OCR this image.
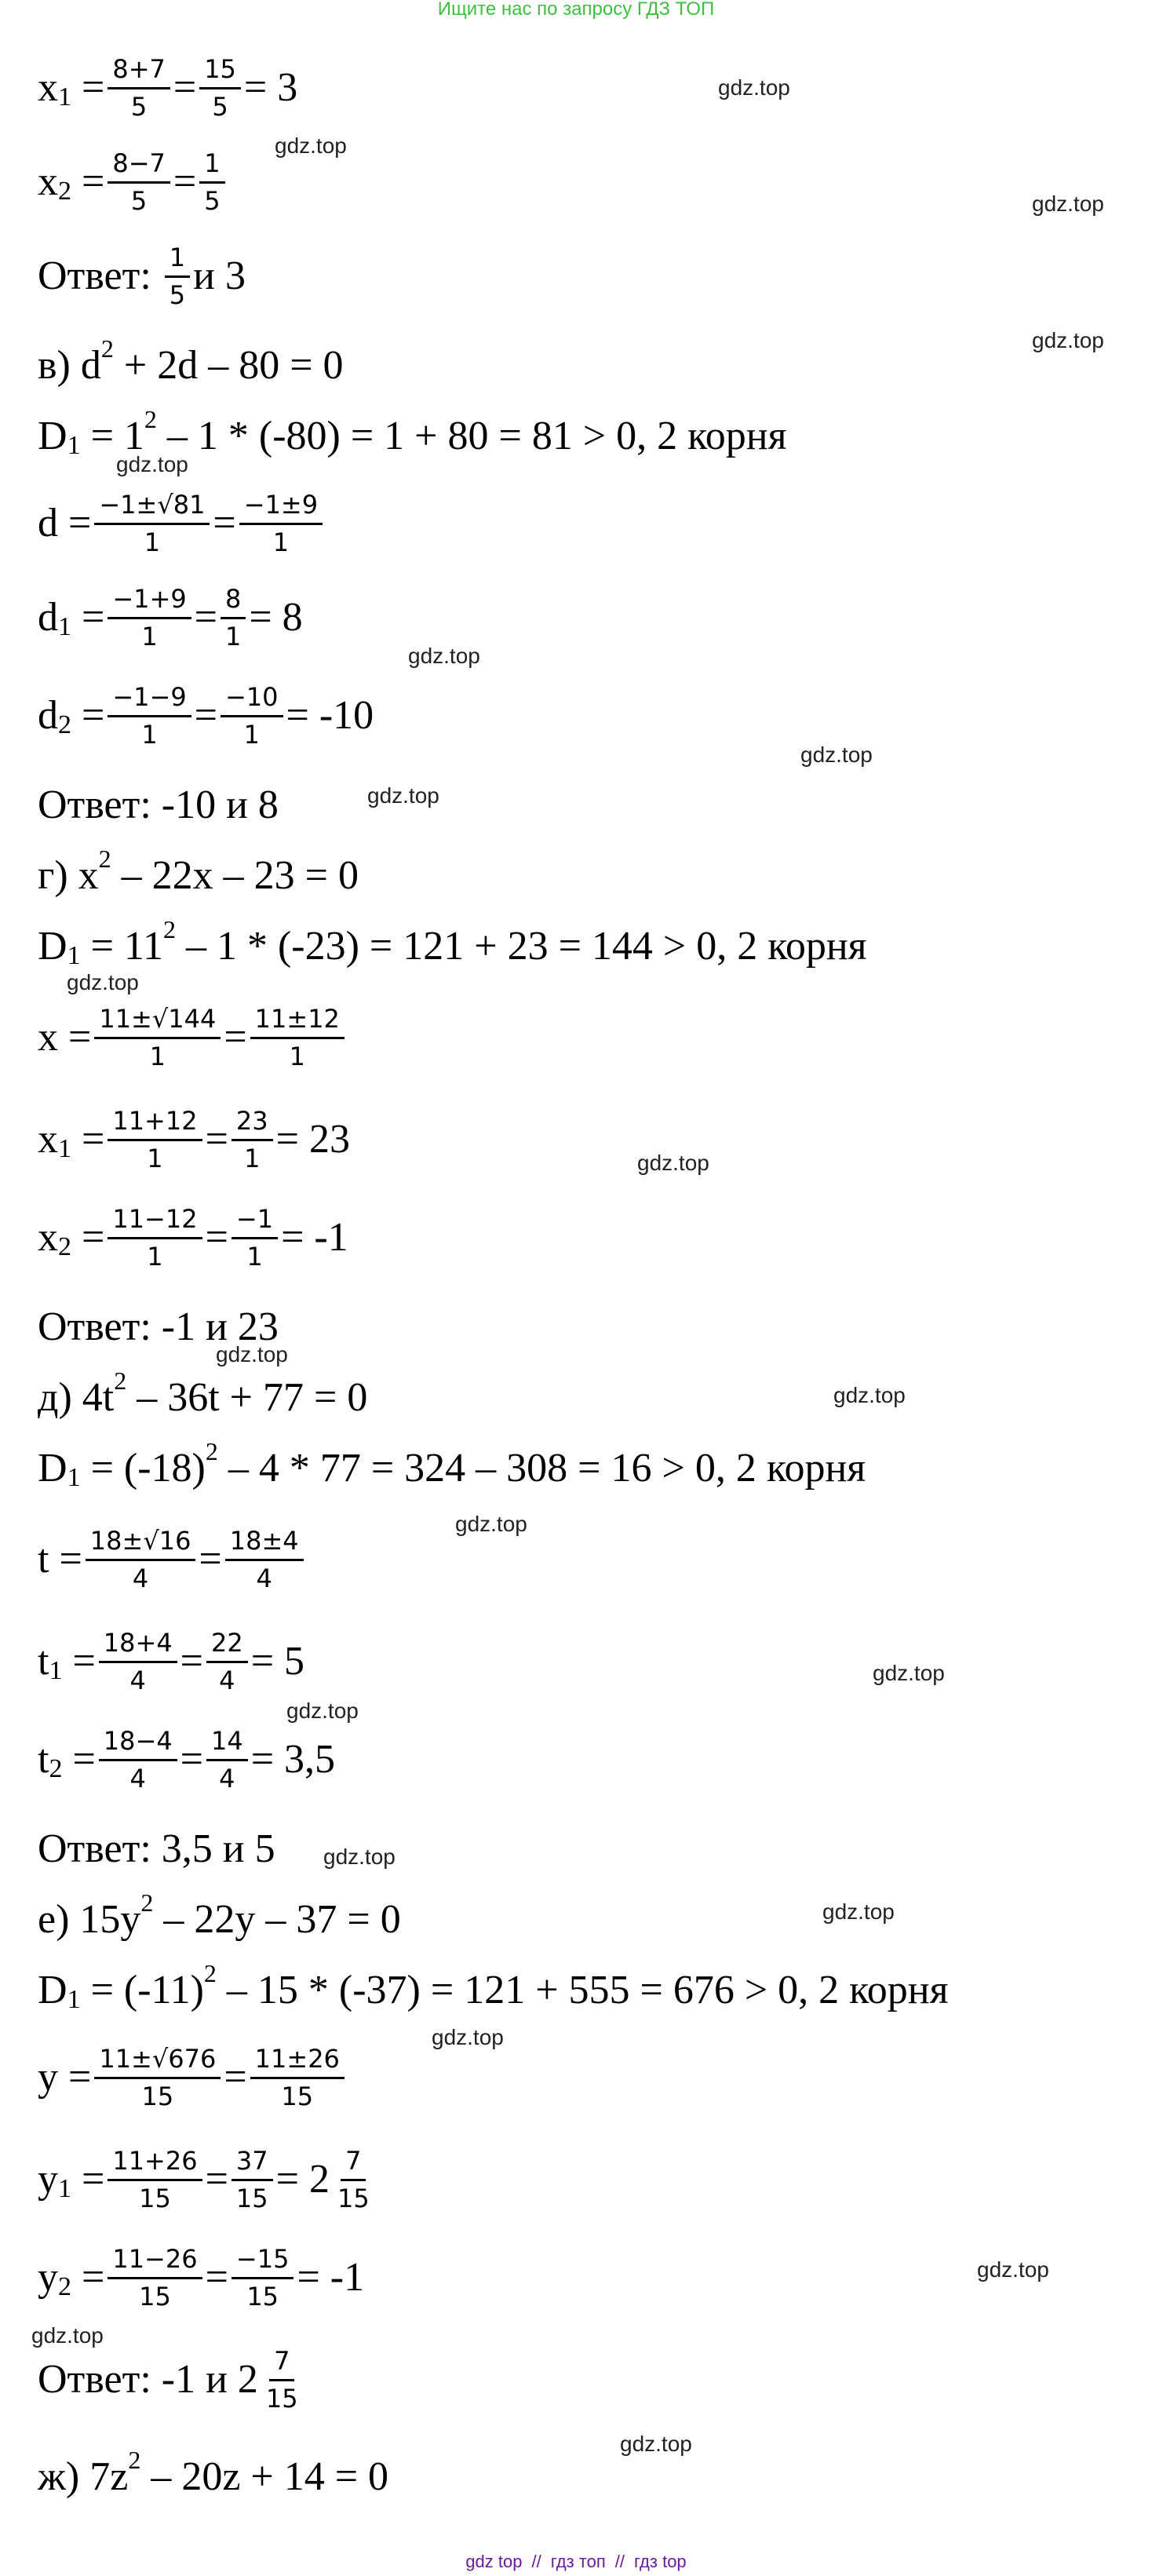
Ищите нас по запросу ГДЗ ТОП
x $1 = \frac{8+7}{5} = \frac{15}{5} = 3$
x $2 = \frac{8-7}{5} = \frac{1}{5}$
Ответ:
$\frac{1}{5}$ и 3
в) d 2 + 2d – 80 = 0
D 1 = 1 2 – 1 * (-80) = 1 + 80 = 81 > 0, 2 корня
$d = \frac{-1\pm√81}{1} = \frac{-1\pm 9}{1}$
d $1 = \frac{-1+9}{1} = \frac{8}{1} = 8$
d $2 = \frac{-1-9}{1} = \frac{-10}{1} = -10$
Ответ: -10 и 8
г) x 2 – 22x – 23 = 0
D 1 = 11 2 – 1 * (-23) = 121 + 23 = 144 > 0, 2 корня
$x = \frac{11\pm√144}{1} = \frac{11\pm 12}{1}$
x $1 = \frac{11+12}{1} = \frac{23}{1} = 23$
x $2 = \frac{11-12}{1} = \frac{-1}{1} = -1$
Ответ: -1 и 23
д) 4t 2 – 36t + 77 = 0
D 1 = (-18) 2 – 4 * 77 = 324 – 308 = 16 > 0, 2 корня
$t = \frac{18\pm√16}{4} = \frac{18\pm 4}{4}$
t $1 = \frac{18+4}{4} = \frac{22}{4} = 5$
t $2 = \frac{18-4}{4} = \frac{14}{4} = 3,5$
Ответ: 3,5 и 5
е) 15y 2 – 22y – 37 = 0
D 1 = (-11) 2 – 15 * (-37) = 121 + 555 = 676 > 0, 2 корня
$y = \frac{11\pm√676}{15} = \frac{11\pm 26}{15}$
y $1 = \frac{11+26}{15} = \frac{37}{15} = 2 \frac{7}{15}$
y $2 = \frac{11-26}{15} = \frac{-15}{15} = -1$
Ответ: -1 и $2 \frac{7}{15}$
ж) 7z 2 – 20z + 14 = 0
gdz.top
gdz.top
gdz.top
gdz.top
gdz.top
gdz.top
gdz.top
gdz.top
gdz.top
gdz.top
gdz.top
gdz.top
gdz.top
gdz.top
gdz.top
gdz.top
gdz.top
gdz.top
gdz.top
gdz.top
gdz.top
gdz top // гдз топ // гдз top
